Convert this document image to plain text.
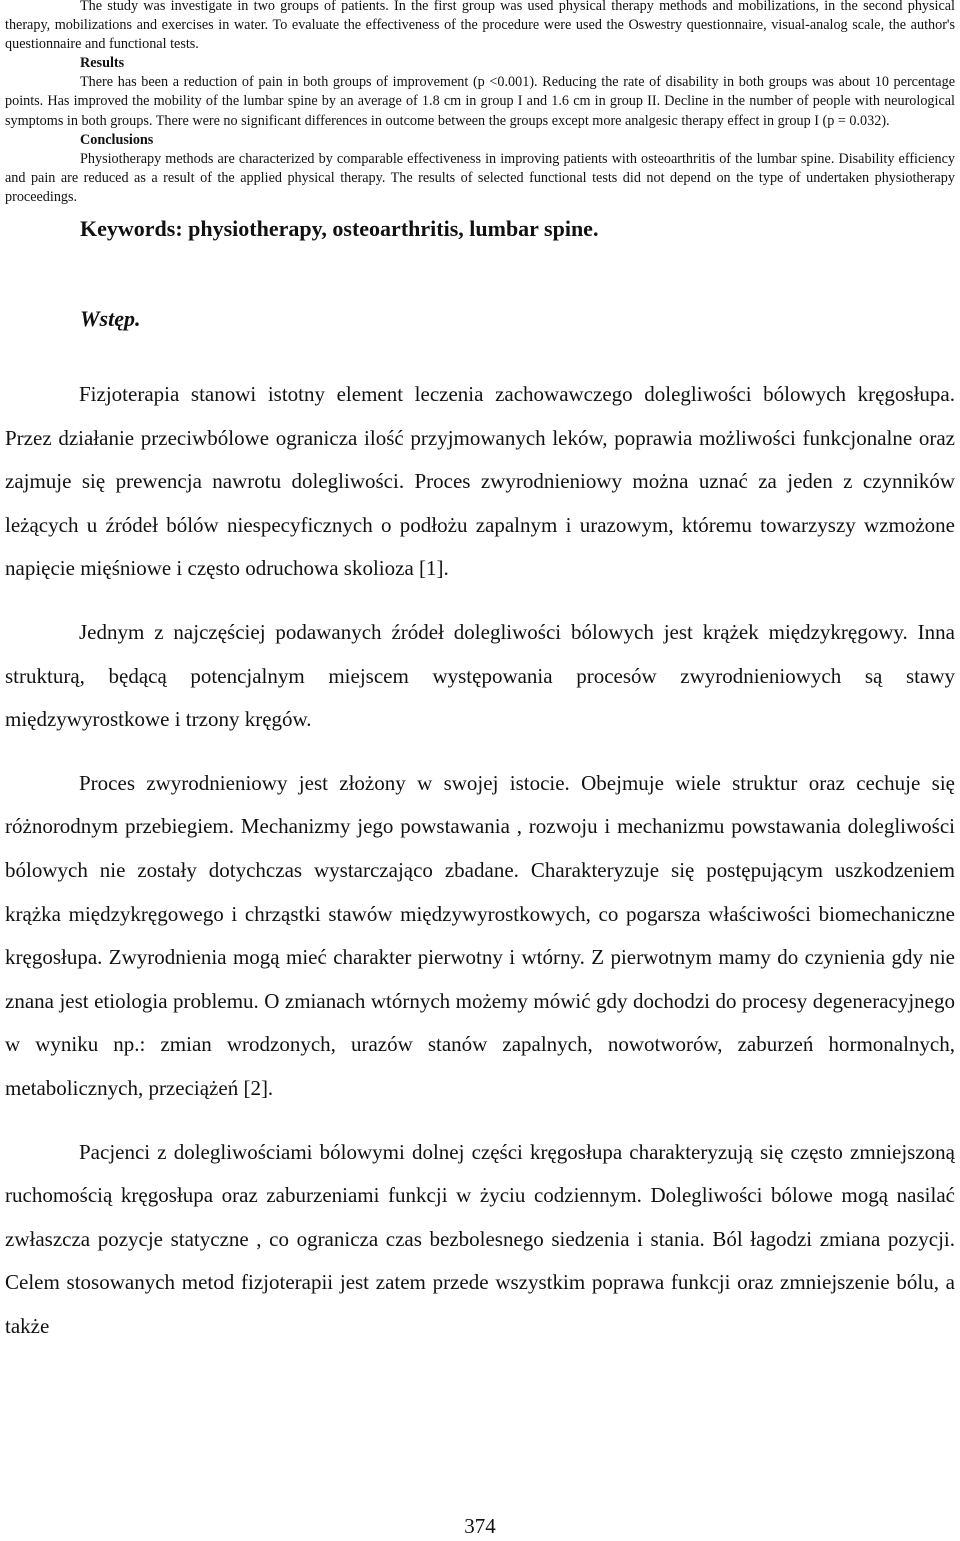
The study was investigate in two groups of patients. In the first group was used physical therapy methods and mobilizations, in the second physical therapy, mobilizations and exercises in water. To evaluate the effectiveness of the procedure were used the Oswestry questionnaire, visual-analog scale, the author's questionnaire and functional tests.

Results

There has been a reduction of pain in both groups of improvement (p <0.001). Reducing the rate of disability in both groups was about 10 percentage points. Has improved the mobility of the lumbar spine by an average of 1.8 cm in group I and 1.6 cm in group II. Decline in the number of people with neurological symptoms in both groups. There were no significant differences in outcome between the groups except more analgesic therapy effect in group I (p = 0.032).

Conclusions

Physiotherapy methods are characterized by comparable effectiveness in improving patients with osteoarthritis of the lumbar spine. Disability efficiency and pain are reduced as a result of the applied physical therapy. The results of selected functional tests did not depend on the type of undertaken physiotherapy proceedings.

Keywords: physiotherapy, osteoarthritis, lumbar spine.

Wstęp.

Fizjoterapia stanowi istotny element leczenia zachowawczego dolegliwości bólowych kręgosłupa. Przez działanie przeciwbólowe ogranicza ilość przyjmowanych leków, poprawia możliwości funkcjonalne oraz zajmuje się prewencja nawrotu dolegliwości. Proces zwyrodnieniowy można uznać za jeden z czynników leżących u źródeł bólów niespecyficznych o podłożu zapalnym i urazowym, któremu towarzyszy wzmożone napięcie mięśniowe i często odruchowa skolioza [1].

Jednym z najczęściej podawanych źródeł dolegliwości bólowych jest krążek międzykręgowy. Inna strukturą, będącą potencjalnym miejscem występowania procesów zwyrodnieniowych są stawy międzywyrostkowe i trzony kręgów.

Proces zwyrodnieniowy jest złożony w swojej istocie. Obejmuje wiele struktur oraz cechuje się różnorodnym przebiegiem. Mechanizmy jego powstawania , rozwoju i mechanizmu powstawania dolegliwości bólowych nie zostały dotychczas wystarczająco zbadane. Charakteryzuje się postępującym uszkodzeniem krążka międzykręgowego i chrząstki stawów międzywyrostkowych, co pogarsza właściwości biomechaniczne kręgosłupa. Zwyrodnienia mogą mieć charakter pierwotny i wtórny. Z pierwotnym mamy do czynienia gdy nie znana jest etiologia problemu. O zmianach wtórnych możemy mówić gdy dochodzi do procesy degeneracyjnego w wyniku np.: zmian wrodzonych, urazów stanów zapalnych, nowotworów, zaburzeń hormonalnych, metabolicznych, przeciążeń [2].

Pacjenci z dolegliwościami bólowymi dolnej części kręgosłupa charakteryzują się często zmniejszoną ruchomością kręgosłupa oraz zaburzeniami funkcji w życiu codziennym. Dolegliwości bólowe mogą nasilać zwłaszcza pozycje statyczne , co ogranicza czas bezbolesnego siedzenia i stania. Ból łagodzi zmiana pozycji. Celem stosowanych metod fizjoterapii jest zatem przede wszystkim poprawa funkcji oraz zmniejszenie bólu, a także

374
